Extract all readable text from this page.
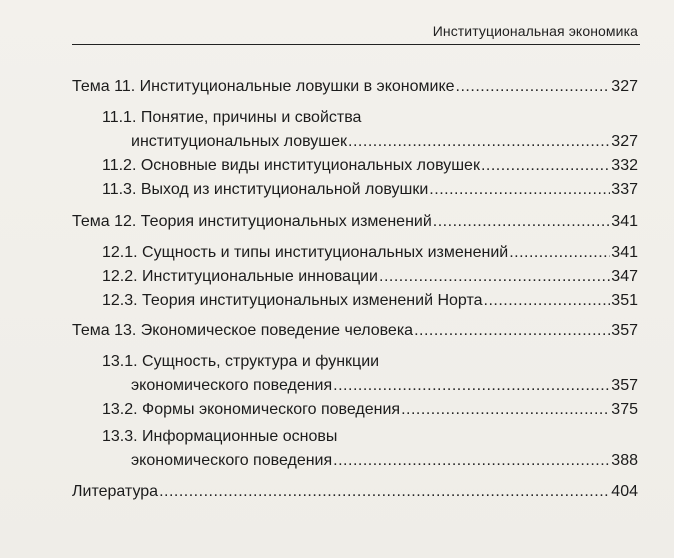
Институциональная экономика
Тема 11. Институциональные ловушки в экономике .....	327
11.1. Понятие, причины и свойства
институциональных ловушек .....	327
11.2. Основные виды институциональных ловушек .....	332
11.3. Выход из институциональной ловушки .....	337
Тема 12. Теория институциональных изменений .....	341
12.1. Сущность и типы институциональных изменений .....	341
12.2. Институциональные инновации .....	347
12.3. Теория институциональных изменений Норта .....	351
Тема 13. Экономическое поведение человека .....	357
13.1. Сущность, структура и функции
экономического поведения .....	357
13.2. Формы экономического поведения .....	375
13.3. Информационные основы
экономического поведения .....	388
Литература .....	404
